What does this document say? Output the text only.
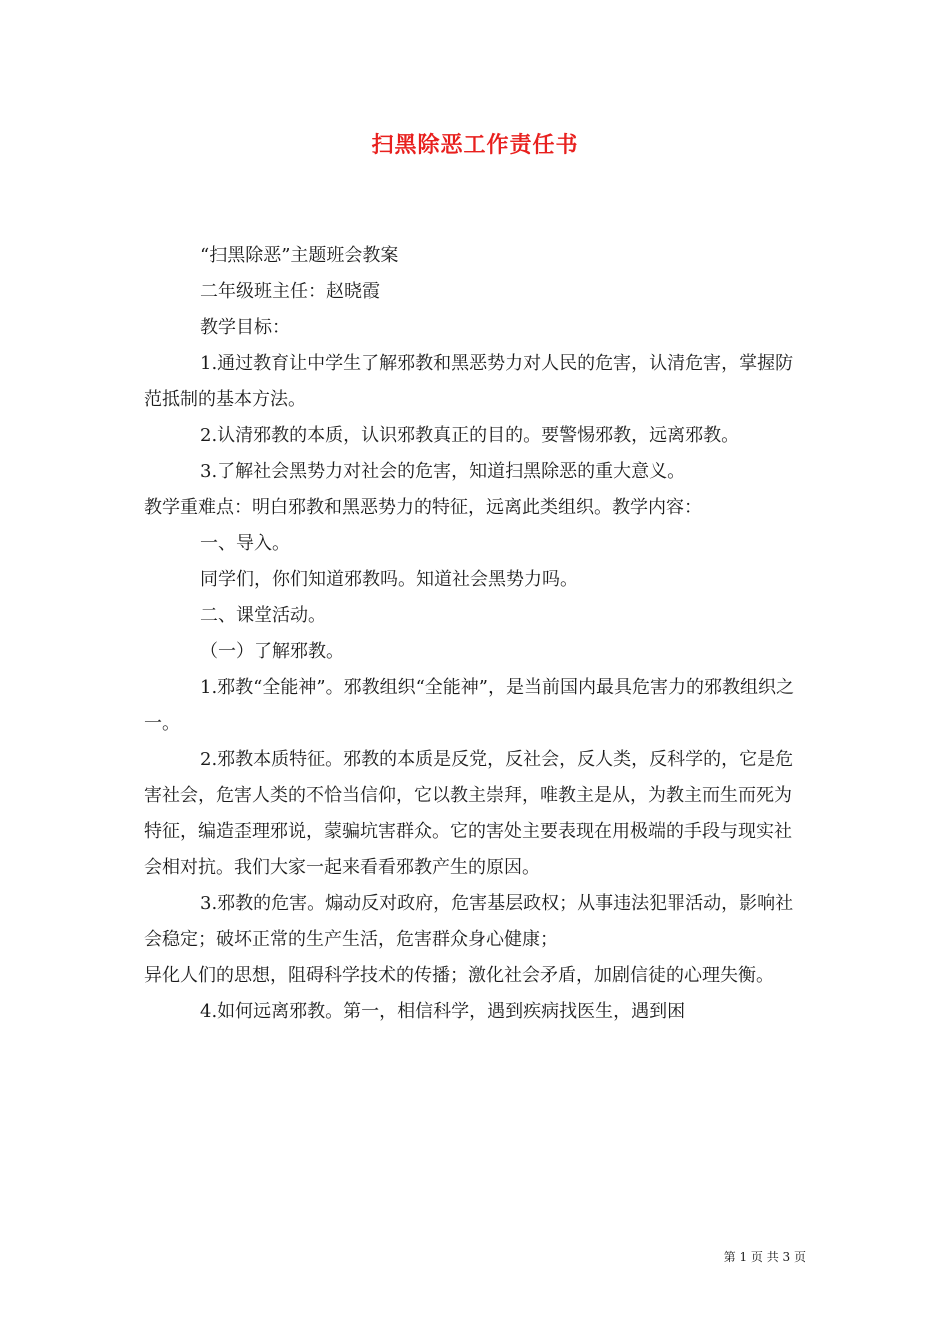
扫黑除恶工作责任书

“扫黑除恶”主题班会教案

二年级班主任：赵晓霞

教学目标：

1.通过教育让中学生了解邪教和黑恶势力对人民的危害，认清危害，掌握防范抵制的基本方法。

2.认清邪教的本质，认识邪教真正的目的。要警惕邪教，远离邪教。

3.了解社会黑势力对社会的危害，知道扫黑除恶的重大意义。

教学重难点：明白邪教和黑恶势力的特征，远离此类组织。教学内容：

一、导入。

同学们，你们知道邪教吗。知道社会黑势力吗。

二、课堂活动。

（一）了解邪教。

1.邪教“全能神”。邪教组织“全能神”，是当前国内最具危害力的邪教组织之一。

2.邪教本质特征。邪教的本质是反党，反社会，反人类，反科学的，它是危害社会，危害人类的不恰当信仰，它以教主崇拜，唯教主是从，为教主而生而死为特征，编造歪理邪说，蒙骗坑害群众。它的害处主要表现在用极端的手段与现实社会相对抗。我们大家一起来看看邪教产生的原因。

3.邪教的危害。煽动反对政府，危害基层政权；从事违法犯罪活动，影响社会稳定；破坏正常的生产生活，危害群众身心健康；

异化人们的思想，阻碍科学技术的传播；激化社会矛盾，加剧信徒的心理失衡。

4.如何远离邪教。第一，相信科学，遇到疾病找医生，遇到困

第 1 页 共 3 页
